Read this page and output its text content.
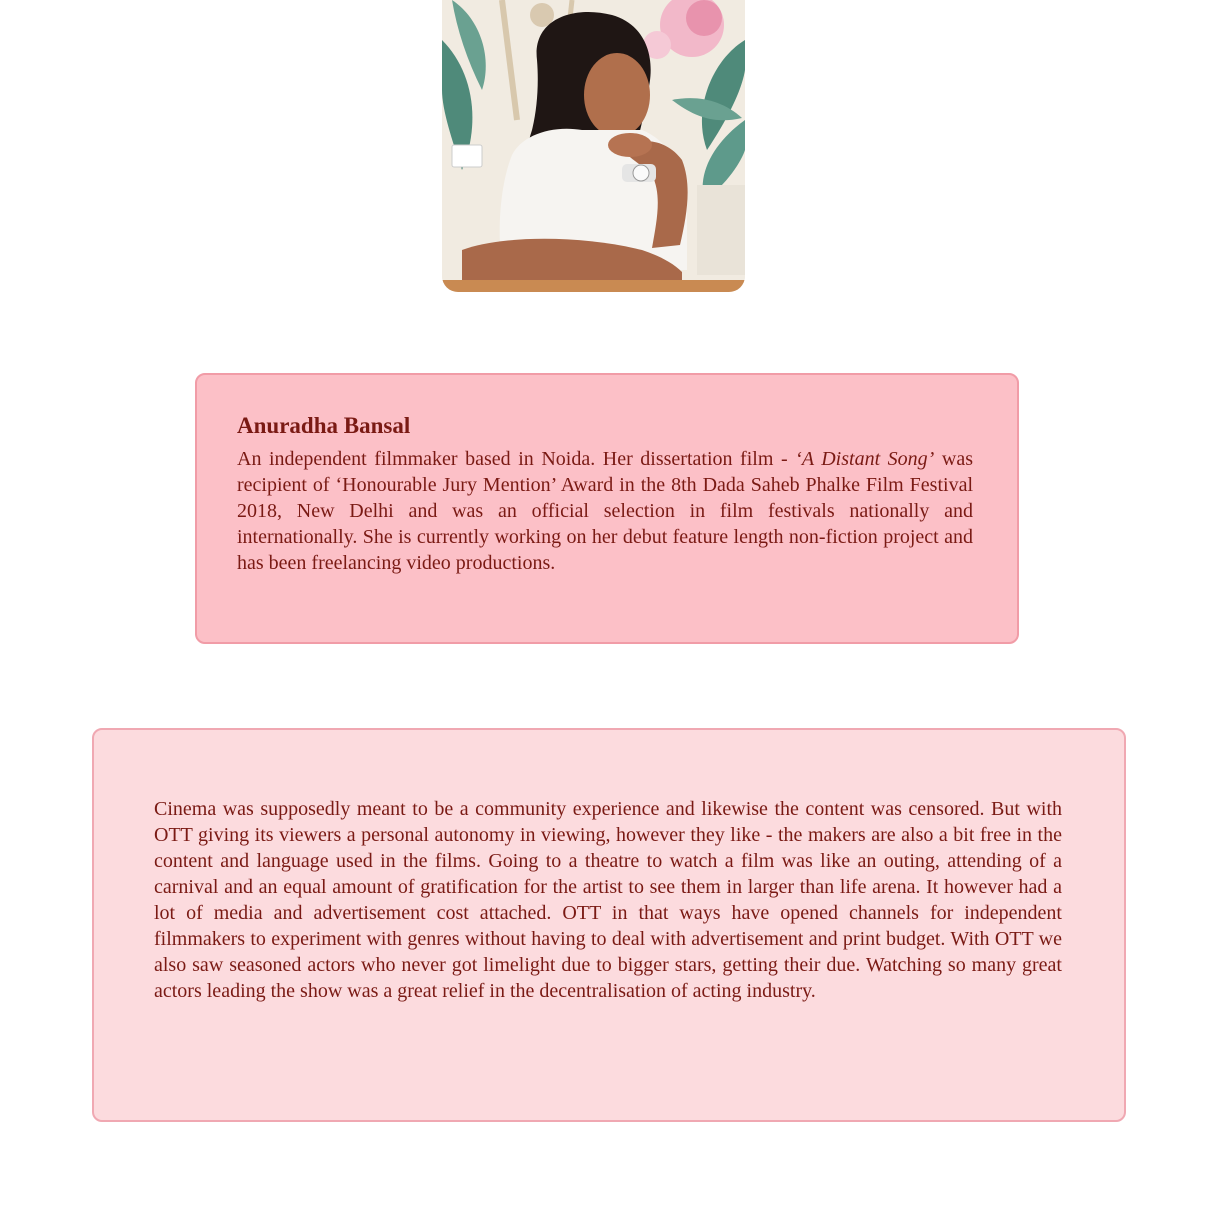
Anuradha Bansal

An independent filmmaker based in Noida. Her dissertation film - ‘A Distant Song’ was recipient of ‘Honourable Jury Mention’ Award in the 8th Dada Saheb Phalke Film Festival 2018, New Delhi and was an official selection in film festivals nationally and internationally. She is currently working on her debut feature length non-fiction project and has been freelancing video productions.

Cinema was supposedly meant to be a community experience and likewise the content was censored. But with OTT giving its viewers a personal autonomy in viewing, however they like - the makers are also a bit free in the content and language used in the films. Going to a theatre to watch a film was like an outing, attending of a carnival and an equal amount of gratification for the artist to see them in larger than life arena. It however had a lot of media and advertisement cost attached. OTT in that ways have opened channels for independent filmmakers to experiment with genres without having to deal with advertisement and print budget. With OTT we also saw seasoned actors who never got limelight due to bigger stars, getting their due. Watching so many great actors leading the show was a great relief in the decentralisation of acting industry.
